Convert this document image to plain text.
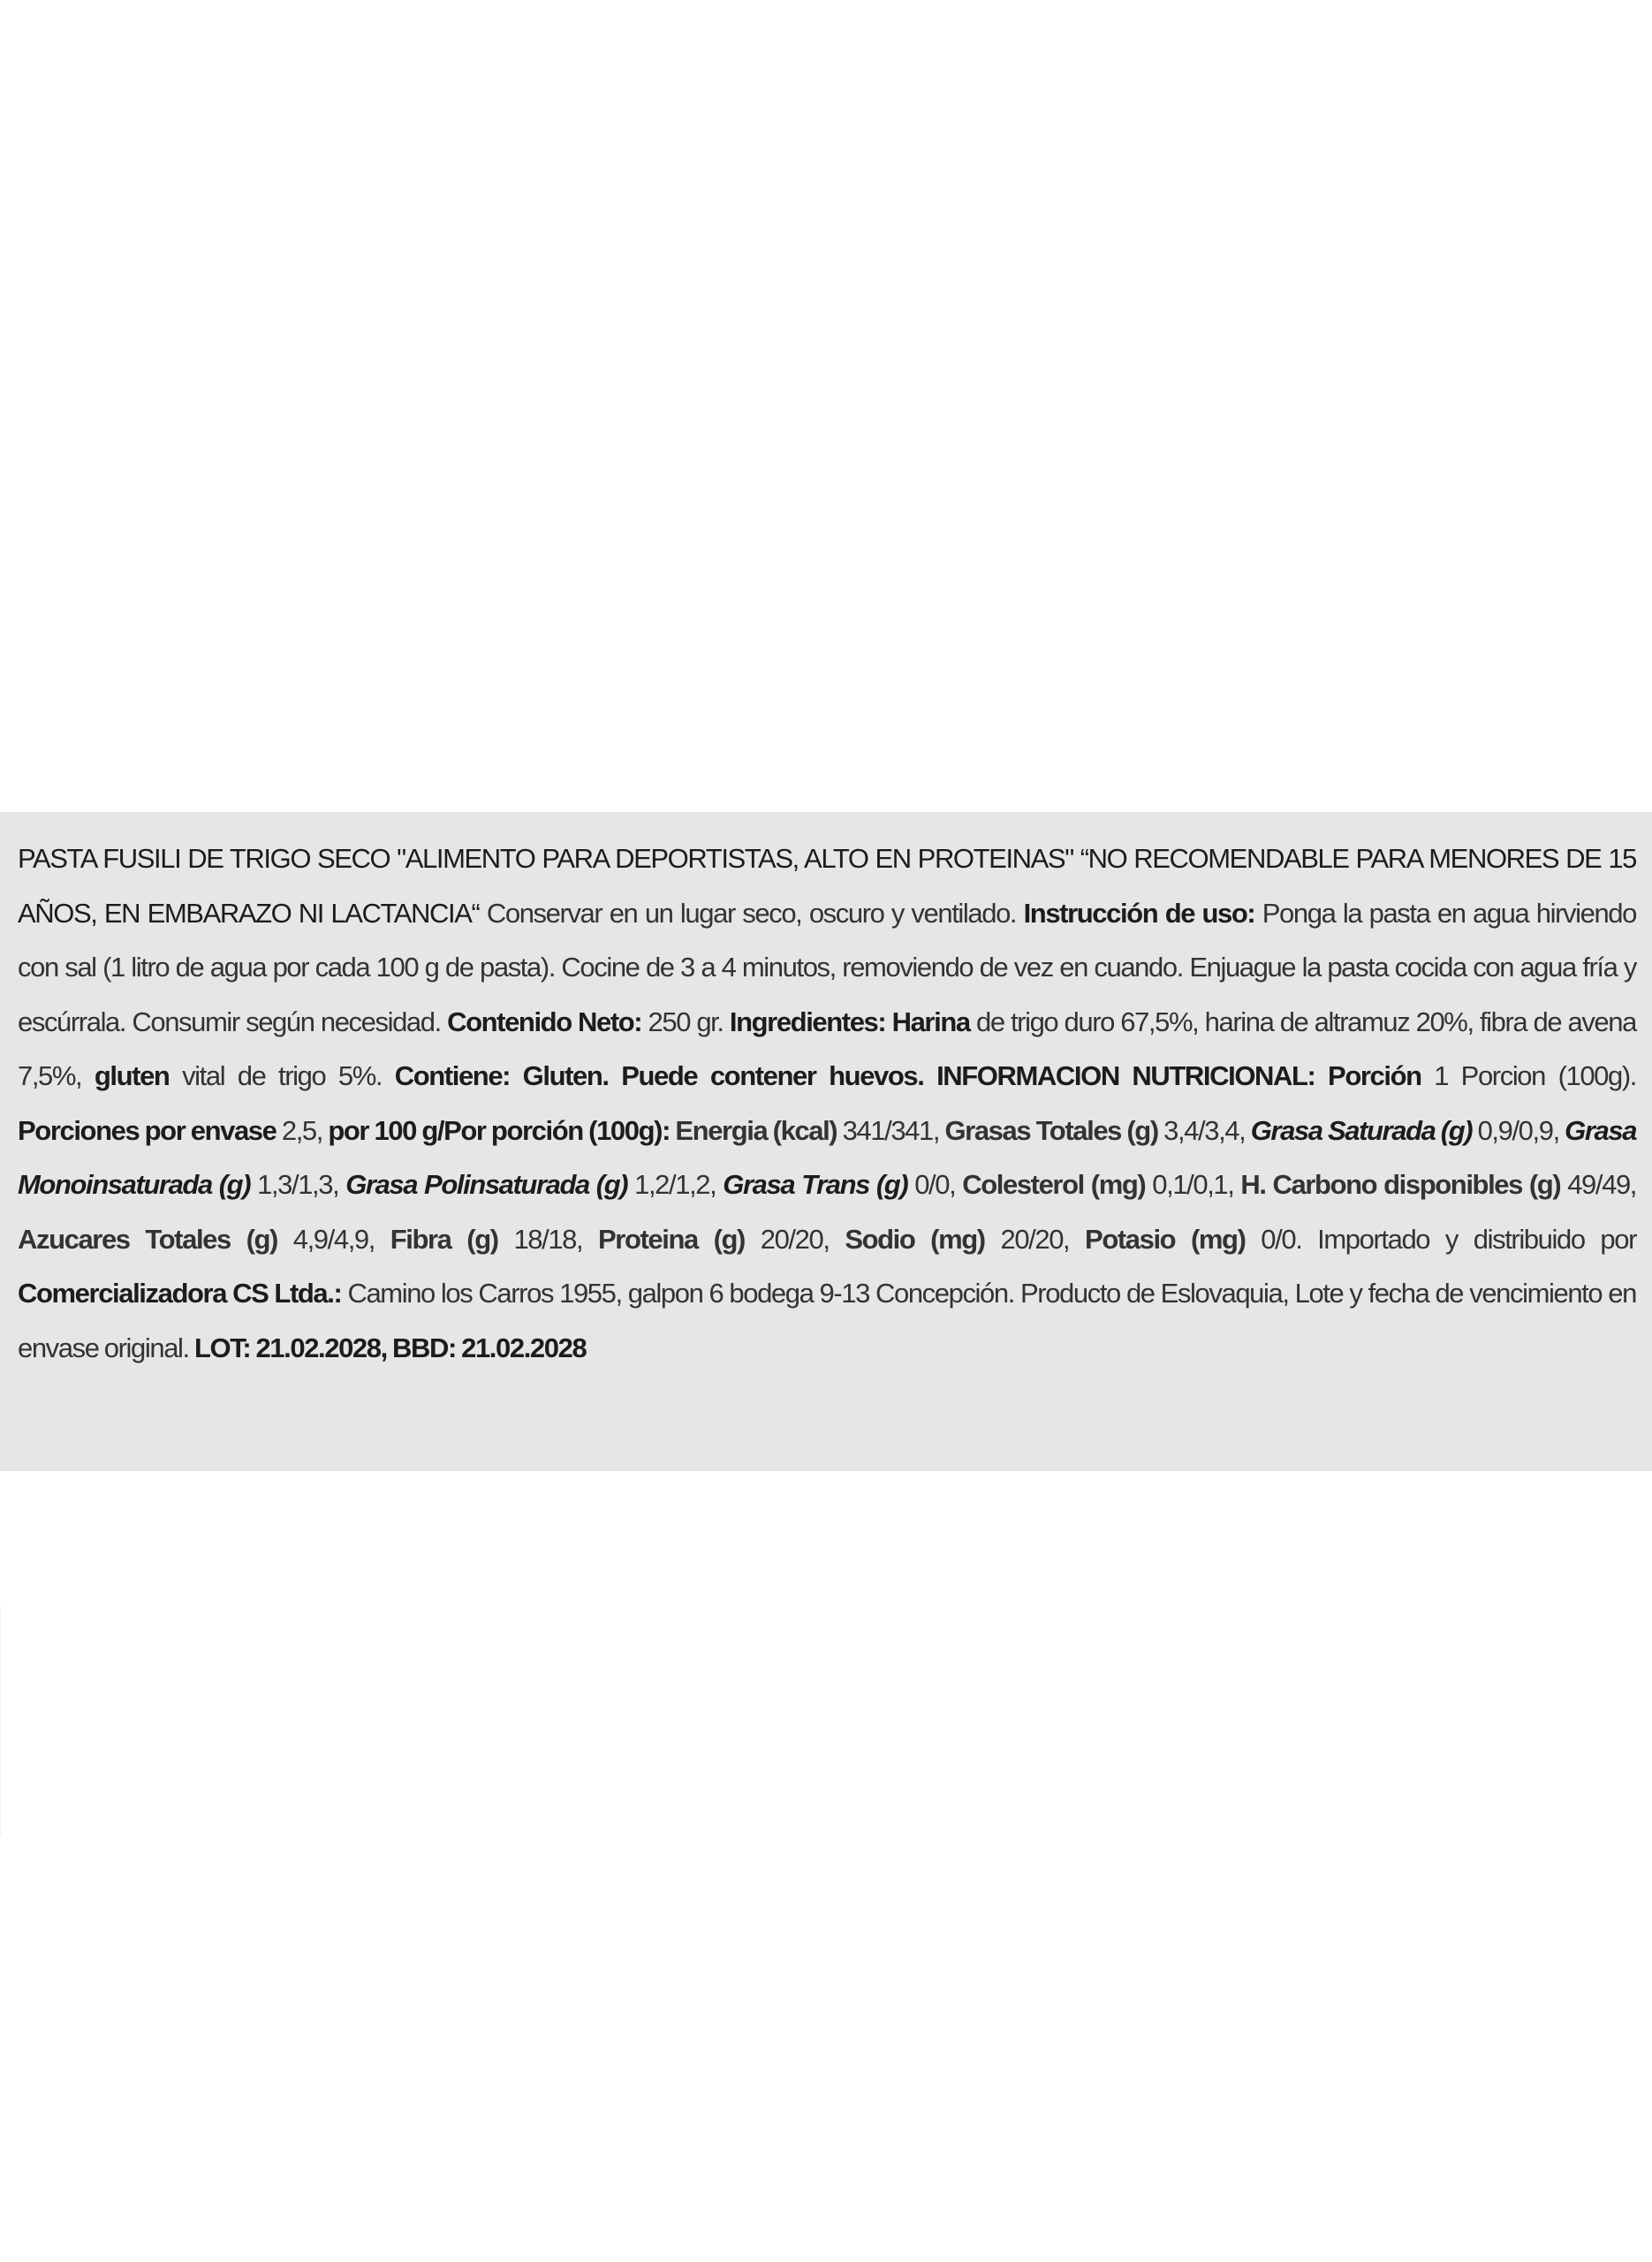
PASTA FUSILI DE TRIGO SECO "ALIMENTO PARA DEPORTISTAS, ALTO EN PROTEINAS" “NO RECOMENDABLE PARA MENORES DE 15 AÑOS, EN EMBARAZO NI LACTANCIA“ Conservar en un lugar seco, oscuro y ventilado. Instrucción de uso: Ponga la pasta en agua hirviendo con sal (1 litro de agua por cada 100 g de pasta). Cocine de 3 a 4 minutos, removiendo de vez en cuando. Enjuague la pasta cocida con agua fría y escúrrala. Consumir según necesidad. Contenido Neto: 250 gr. Ingredientes: Harina de trigo duro 67,5%, harina de altramuz 20%, fibra de avena 7,5%, gluten vital de trigo 5%. Contiene: Gluten. Puede contener huevos. INFORMACION NUTRICIONAL: Porción 1 Porcion (100g). Porciones por envase 2,5, por 100 g/Por porción (100g): Energia (kcal) 341/341, Grasas Totales (g) 3,4/3,4, Grasa Saturada (g) 0,9/0,9, Grasa Monoinsaturada (g) 1,3/1,3, Grasa Polinsaturada (g) 1,2/1,2, Grasa Trans (g) 0/0, Colesterol (mg) 0,1/0,1, H. Carbono disponibles (g) 49/49, Azucares Totales (g) 4,9/4,9, Fibra (g) 18/18, Proteina (g) 20/20, Sodio (mg) 20/20, Potasio (mg) 0/0. Importado y distribuido por Comercializadora CS Ltda.: Camino los Carros 1955, galpon 6 bodega 9-13 Concepción. Producto de Eslovaquia, Lote y fecha de vencimiento en envase original. LOT: 21.02.2028, BBD: 21.02.2028
